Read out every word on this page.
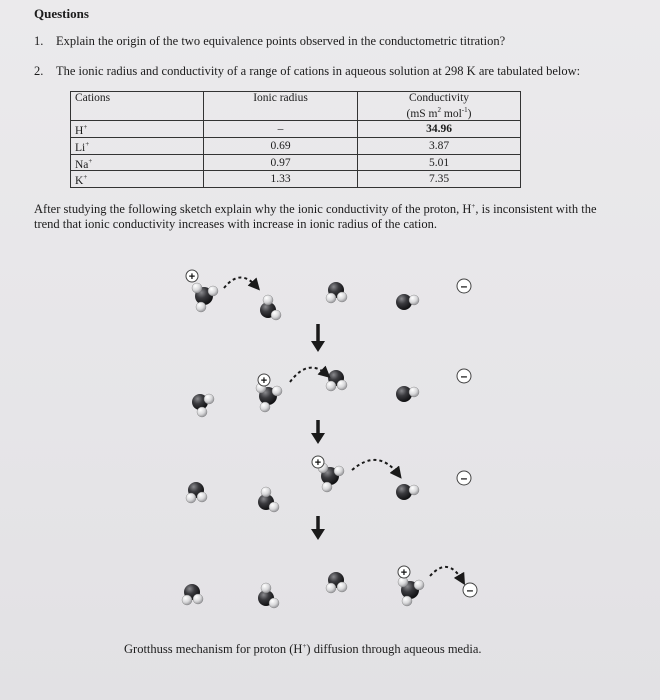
Questions
1. Explain the origin of the two equivalence points observed in the conductometric titration?
2. The ionic radius and conductivity of a range of cations in aqueous solution at 298 K are tabulated below:
Cations	Ionic radius	Conductivity
(mS $m^2$ mol$^{-1}$)

H+	–	34.96
Li+	0.69	3.87
Na+	0.97	5.01
K+	1.33	7.35
After studying the following sketch explain why the ionic conductivity of the proton, H+, is inconsistent with the trend that ionic conductivity increases with increase in ionic radius of the cation.
+
+
+
+
–
–
–
–
Grotthuss mechanism for proton (H+) diffusion through aqueous media.
